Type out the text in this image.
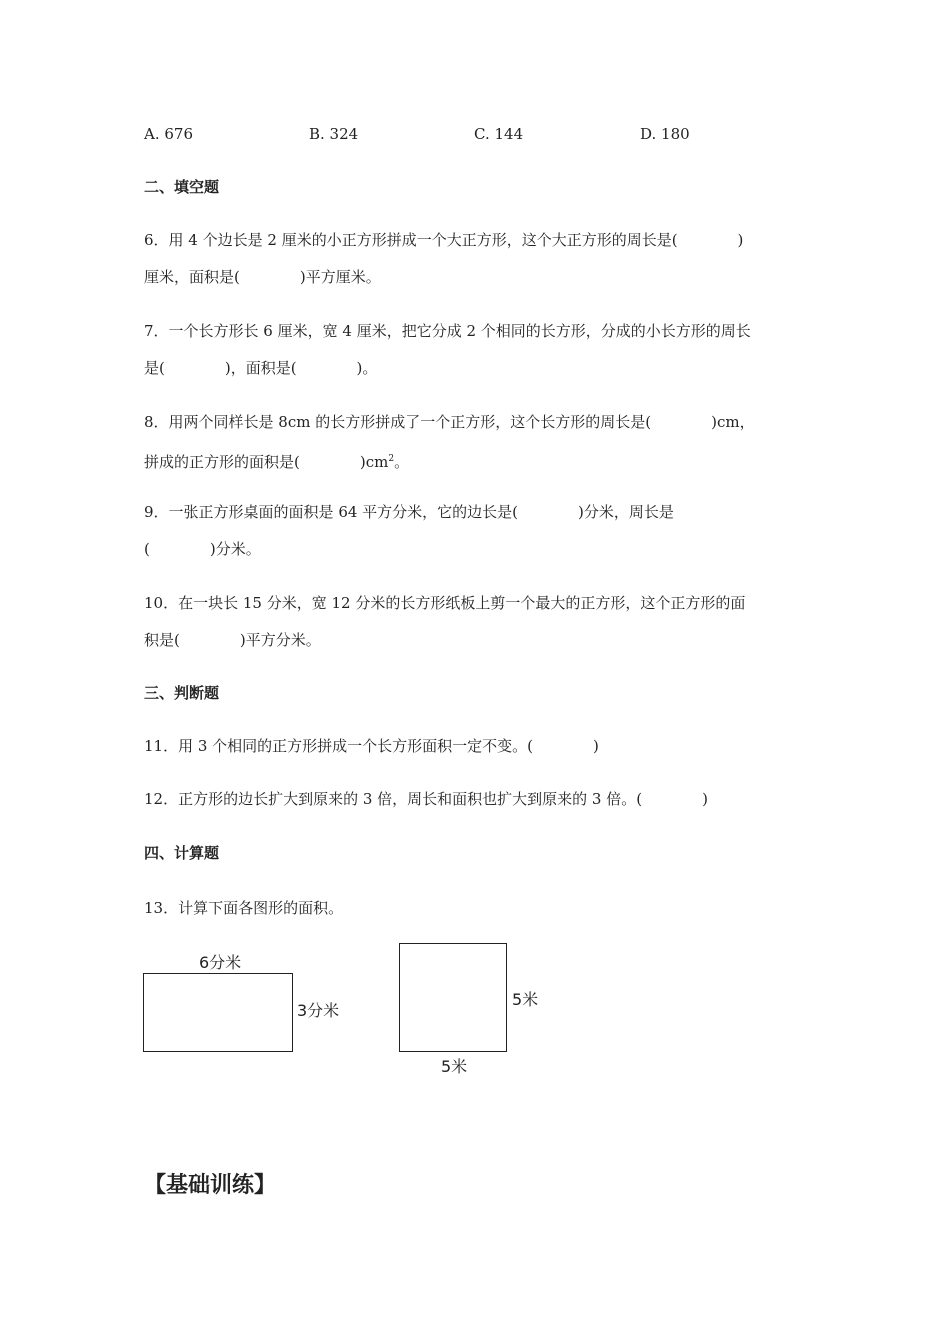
A. 676	B. 324	C. 144	D. 180
二、填空题
6．用 4 个边长是 2 厘米的小正方形拼成一个大正方形，这个大正方形的周长是(　　　　)
厘米，面积是(　　　　)平方厘米。
7．一个长方形长 6 厘米，宽 4 厘米，把它分成 2 个相同的长方形，分成的小长方形的周长
是(　　　　)，面积是(　　　　)。
8．用两个同样长是 8cm 的长方形拼成了一个正方形，这个长方形的周长是(　　　　)cm，
拼成的正方形的面积是(　　　　)$cm^2$。
9．一张正方形桌面的面积是 64 平方分米，它的边长是(　　　　)分米，周长是
(　　　　)分米。
10．在一块长 15 分米，宽 12 分米的长方形纸板上剪一个最大的正方形，这个正方形的面
积是(　　　　)平方分米。
三、判断题
11．用 3 个相同的正方形拼成一个长方形面积一定不变。(　　　　)
12．正方形的边长扩大到原来的 3 倍，周长和面积也扩大到原来的 3 倍。(　　　　)
四、计算题
13．计算下面各图形的面积。
6分米
3分米
5米
5米
【基础训练】
